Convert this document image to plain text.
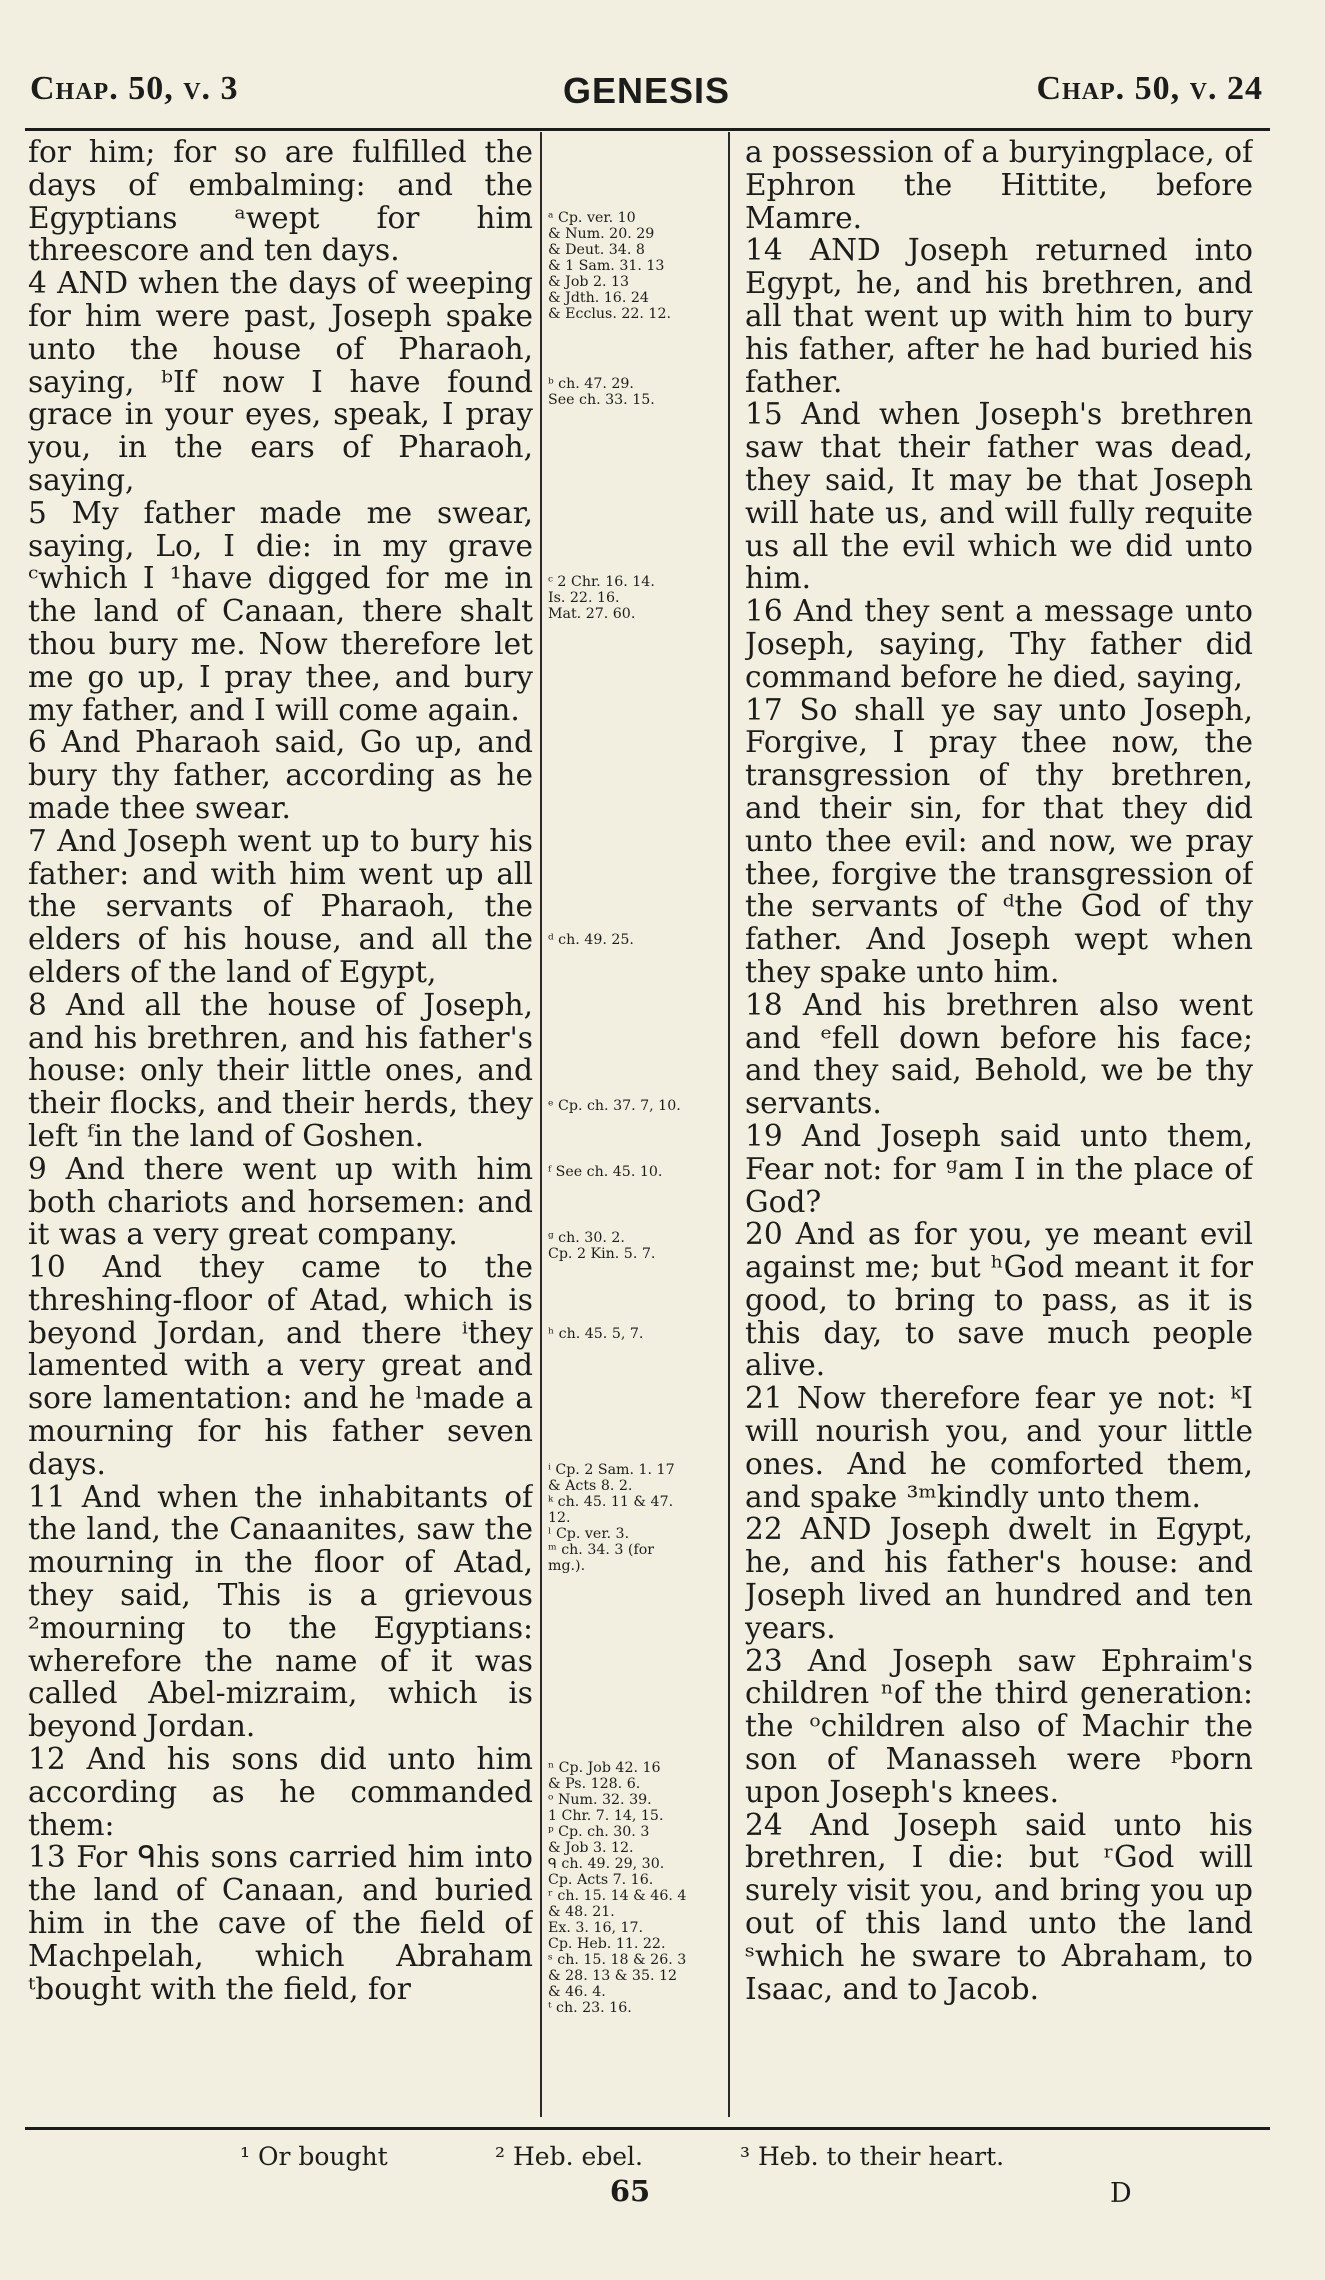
Chap. 50, v. 3	GENESIS	Chap. 50, v. 24

for him; for so are fulfilled the days of embalming: and the Egyptians ᵃwept for him threescore and ten days.

4 AND when the days of weeping for him were past, Joseph spake unto the house of Pharaoh, saying, ᵇIf now I have found grace in your eyes, speak, I pray you, in the ears of Pharaoh, saying,

5 My father made me swear, saying, Lo, I die: in my grave ᶜwhich I ¹have digged for me in the land of Canaan, there shalt thou bury me. Now therefore let me go up, I pray thee, and bury my father, and I will come again.

6 And Pharaoh said, Go up, and bury thy father, according as he made thee swear.

7 And Joseph went up to bury his father: and with him went up all the servants of Pharaoh, the elders of his house, and all the elders of the land of Egypt,

8 And all the house of Joseph, and his brethren, and his father's house: only their little ones, and their flocks, and their herds, they left ᶠin the land of Goshen.

9 And there went up with him both chariots and horsemen: and it was a very great company.

10 And they came to the threshing-floor of Atad, which is beyond Jordan, and there ⁱthey lamented with a very great and sore lamentation: and he ˡmade a mourning for his father seven days.

11 And when the inhabitants of the land, the Canaanites, saw the mourning in the floor of Atad, they said, This is a grievous ²mourning to the Egyptians: wherefore the name of it was called Abel-mizraim, which is beyond Jordan.

12 And his sons did unto him according as he commanded them:

13 For ᑫhis sons carried him into the land of Canaan, and buried him in the cave of the field of Machpelah, which Abraham ᵗbought with the field, for

ᵃ Cp. ver. 10
& Num. 20. 29
& Deut. 34. 8
& 1 Sam. 31. 13
& Job 2. 13
& Jdth. 16. 24
& Ecclus. 22. 12.
ᵇ ch. 47. 29.
See ch. 33. 15.
ᶜ 2 Chr. 16. 14.
Is. 22. 16.
Mat. 27. 60.
ᵈ ch. 49. 25.
ᵉ Cp. ch. 37. 7, 10.
ᶠ See ch. 45. 10.
ᵍ ch. 30. 2.
Cp. 2 Kin. 5. 7.
ʰ ch. 45. 5, 7.
ⁱ Cp. 2 Sam. 1. 17
& Acts 8. 2.
ᵏ ch. 45. 11 & 47.
12.
ˡ Cp. ver. 3.
ᵐ ch. 34. 3 (for
mg.).
ⁿ Cp. Job 42. 16
& Ps. 128. 6.
ᵒ Num. 32. 39.
1 Chr. 7. 14, 15.
ᵖ Cp. ch. 30. 3
& Job 3. 12.
ᑫ ch. 49. 29, 30.
Cp. Acts 7. 16.
ʳ ch. 15. 14 & 46. 4
& 48. 21.
Ex. 3. 16, 17.
Cp. Heb. 11. 22.
ˢ ch. 15. 18 & 26. 3
& 28. 13 & 35. 12
& 46. 4.
ᵗ ch. 23. 16.

a possession of a buryingplace, of Ephron the Hittite, before Mamre.

14 AND Joseph returned into Egypt, he, and his brethren, and all that went up with him to bury his father, after he had buried his father.

15 And when Joseph's brethren saw that their father was dead, they said, It may be that Joseph will hate us, and will fully requite us all the evil which we did unto him.

16 And they sent a message unto Joseph, saying, Thy father did command before he died, saying,

17 So shall ye say unto Joseph, Forgive, I pray thee now, the transgression of thy brethren, and their sin, for that they did unto thee evil: and now, we pray thee, forgive the transgression of the servants of ᵈthe God of thy father. And Joseph wept when they spake unto him.

18 And his brethren also went and ᵉfell down before his face; and they said, Behold, we be thy servants.

19 And Joseph said unto them, Fear not: for ᵍam I in the place of God?

20 And as for you, ye meant evil against me; but ʰGod meant it for good, to bring to pass, as it is this day, to save much people alive.

21 Now therefore fear ye not: ᵏI will nourish you, and your little ones. And he comforted them, and spake ³ᵐkindly unto them.

22 AND Joseph dwelt in Egypt, he, and his father's house: and Joseph lived an hundred and ten years.

23 And Joseph saw Ephraim's children ⁿof the third generation: the ᵒchildren also of Machir the son of Manasseh were ᵖborn upon Joseph's knees.

24 And Joseph said unto his brethren, I die: but ʳGod will surely visit you, and bring you up out of this land unto the land ˢwhich he sware to Abraham, to Isaac, and to Jacob.

¹ Or bought	² Heb. ebel.	³ Heb. to their heart.
65	D
